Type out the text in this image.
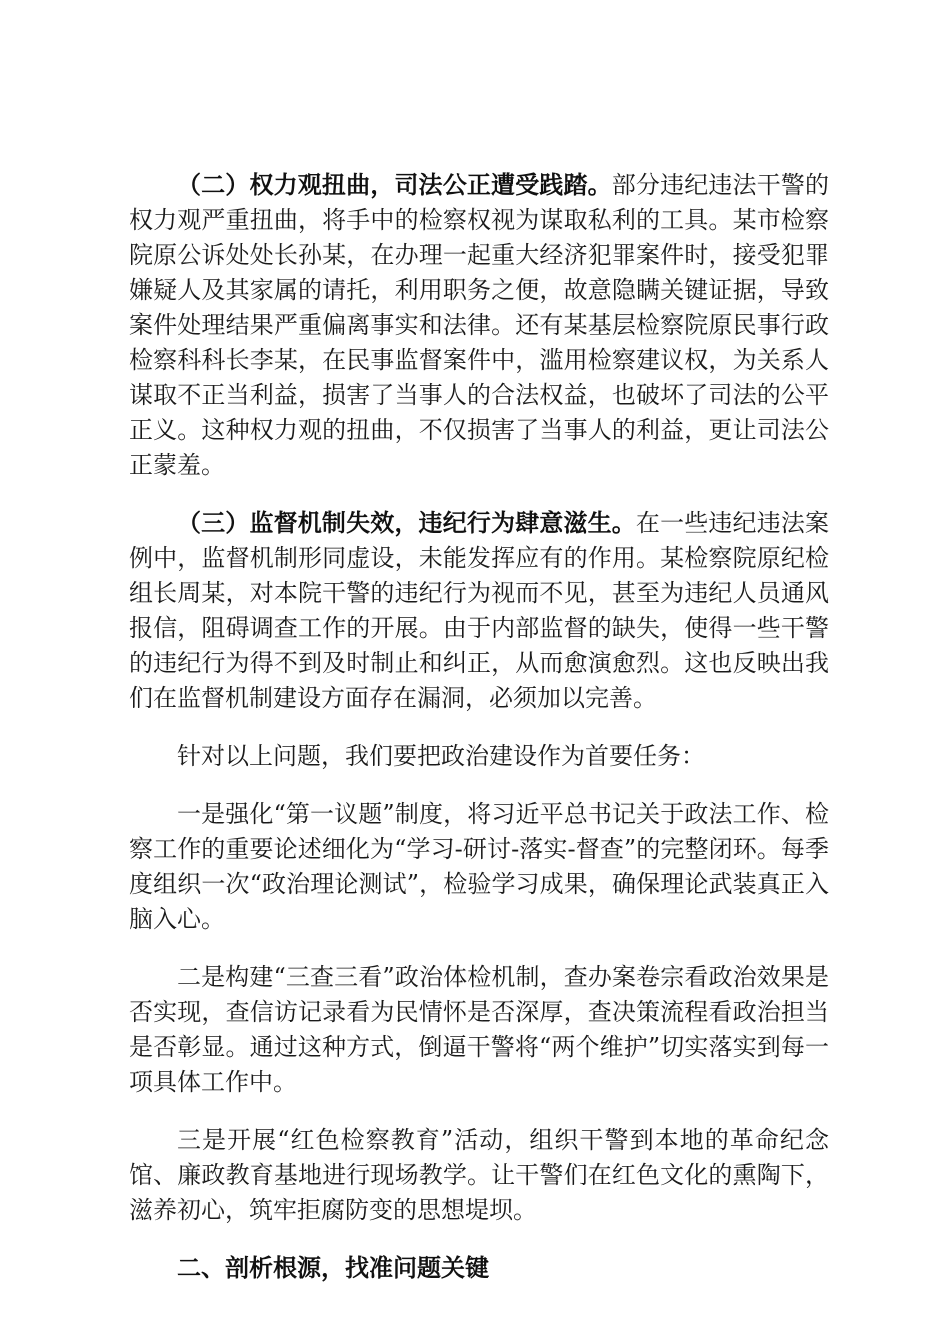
（二）权力观扭曲，司法公正遭受践踏。部分违纪违法干警的权力观严重扭曲，将手中的检察权视为谋取私利的工具。某市检察院原公诉处处长孙某，在办理一起重大经济犯罪案件时，接受犯罪嫌疑人及其家属的请托，利用职务之便，故意隐瞒关键证据，导致案件处理结果严重偏离事实和法律。还有某基层检察院原民事行政检察科科长李某，在民事监督案件中，滥用检察建议权，为关系人谋取不正当利益，损害了当事人的合法权益，也破坏了司法的公平正义。这种权力观的扭曲，不仅损害了当事人的利益，更让司法公正蒙羞。

（三）监督机制失效，违纪行为肆意滋生。在一些违纪违法案例中，监督机制形同虚设，未能发挥应有的作用。某检察院原纪检组长周某，对本院干警的违纪行为视而不见，甚至为违纪人员通风报信，阻碍调查工作的开展。由于内部监督的缺失，使得一些干警的违纪行为得不到及时制止和纠正，从而愈演愈烈。这也反映出我们在监督机制建设方面存在漏洞，必须加以完善。

针对以上问题，我们要把政治建设作为首要任务：

一是强化“第一议题”制度，将习近平总书记关于政法工作、检察工作的重要论述细化为“学习-研讨-落实-督查”的完整闭环。每季度组织一次“政治理论测试”，检验学习成果，确保理论武装真正入脑入心。

二是构建“三查三看”政治体检机制，查办案卷宗看政治效果是否实现，查信访记录看为民情怀是否深厚，查决策流程看政治担当是否彰显。通过这种方式，倒逼干警将“两个维护”切实落实到每一项具体工作中。

三是开展“红色检察教育”活动，组织干警到本地的革命纪念馆、廉政教育基地进行现场教学。让干警们在红色文化的熏陶下，滋养初心，筑牢拒腐防变的思想堤坝。

二、剖析根源，找准问题关键
